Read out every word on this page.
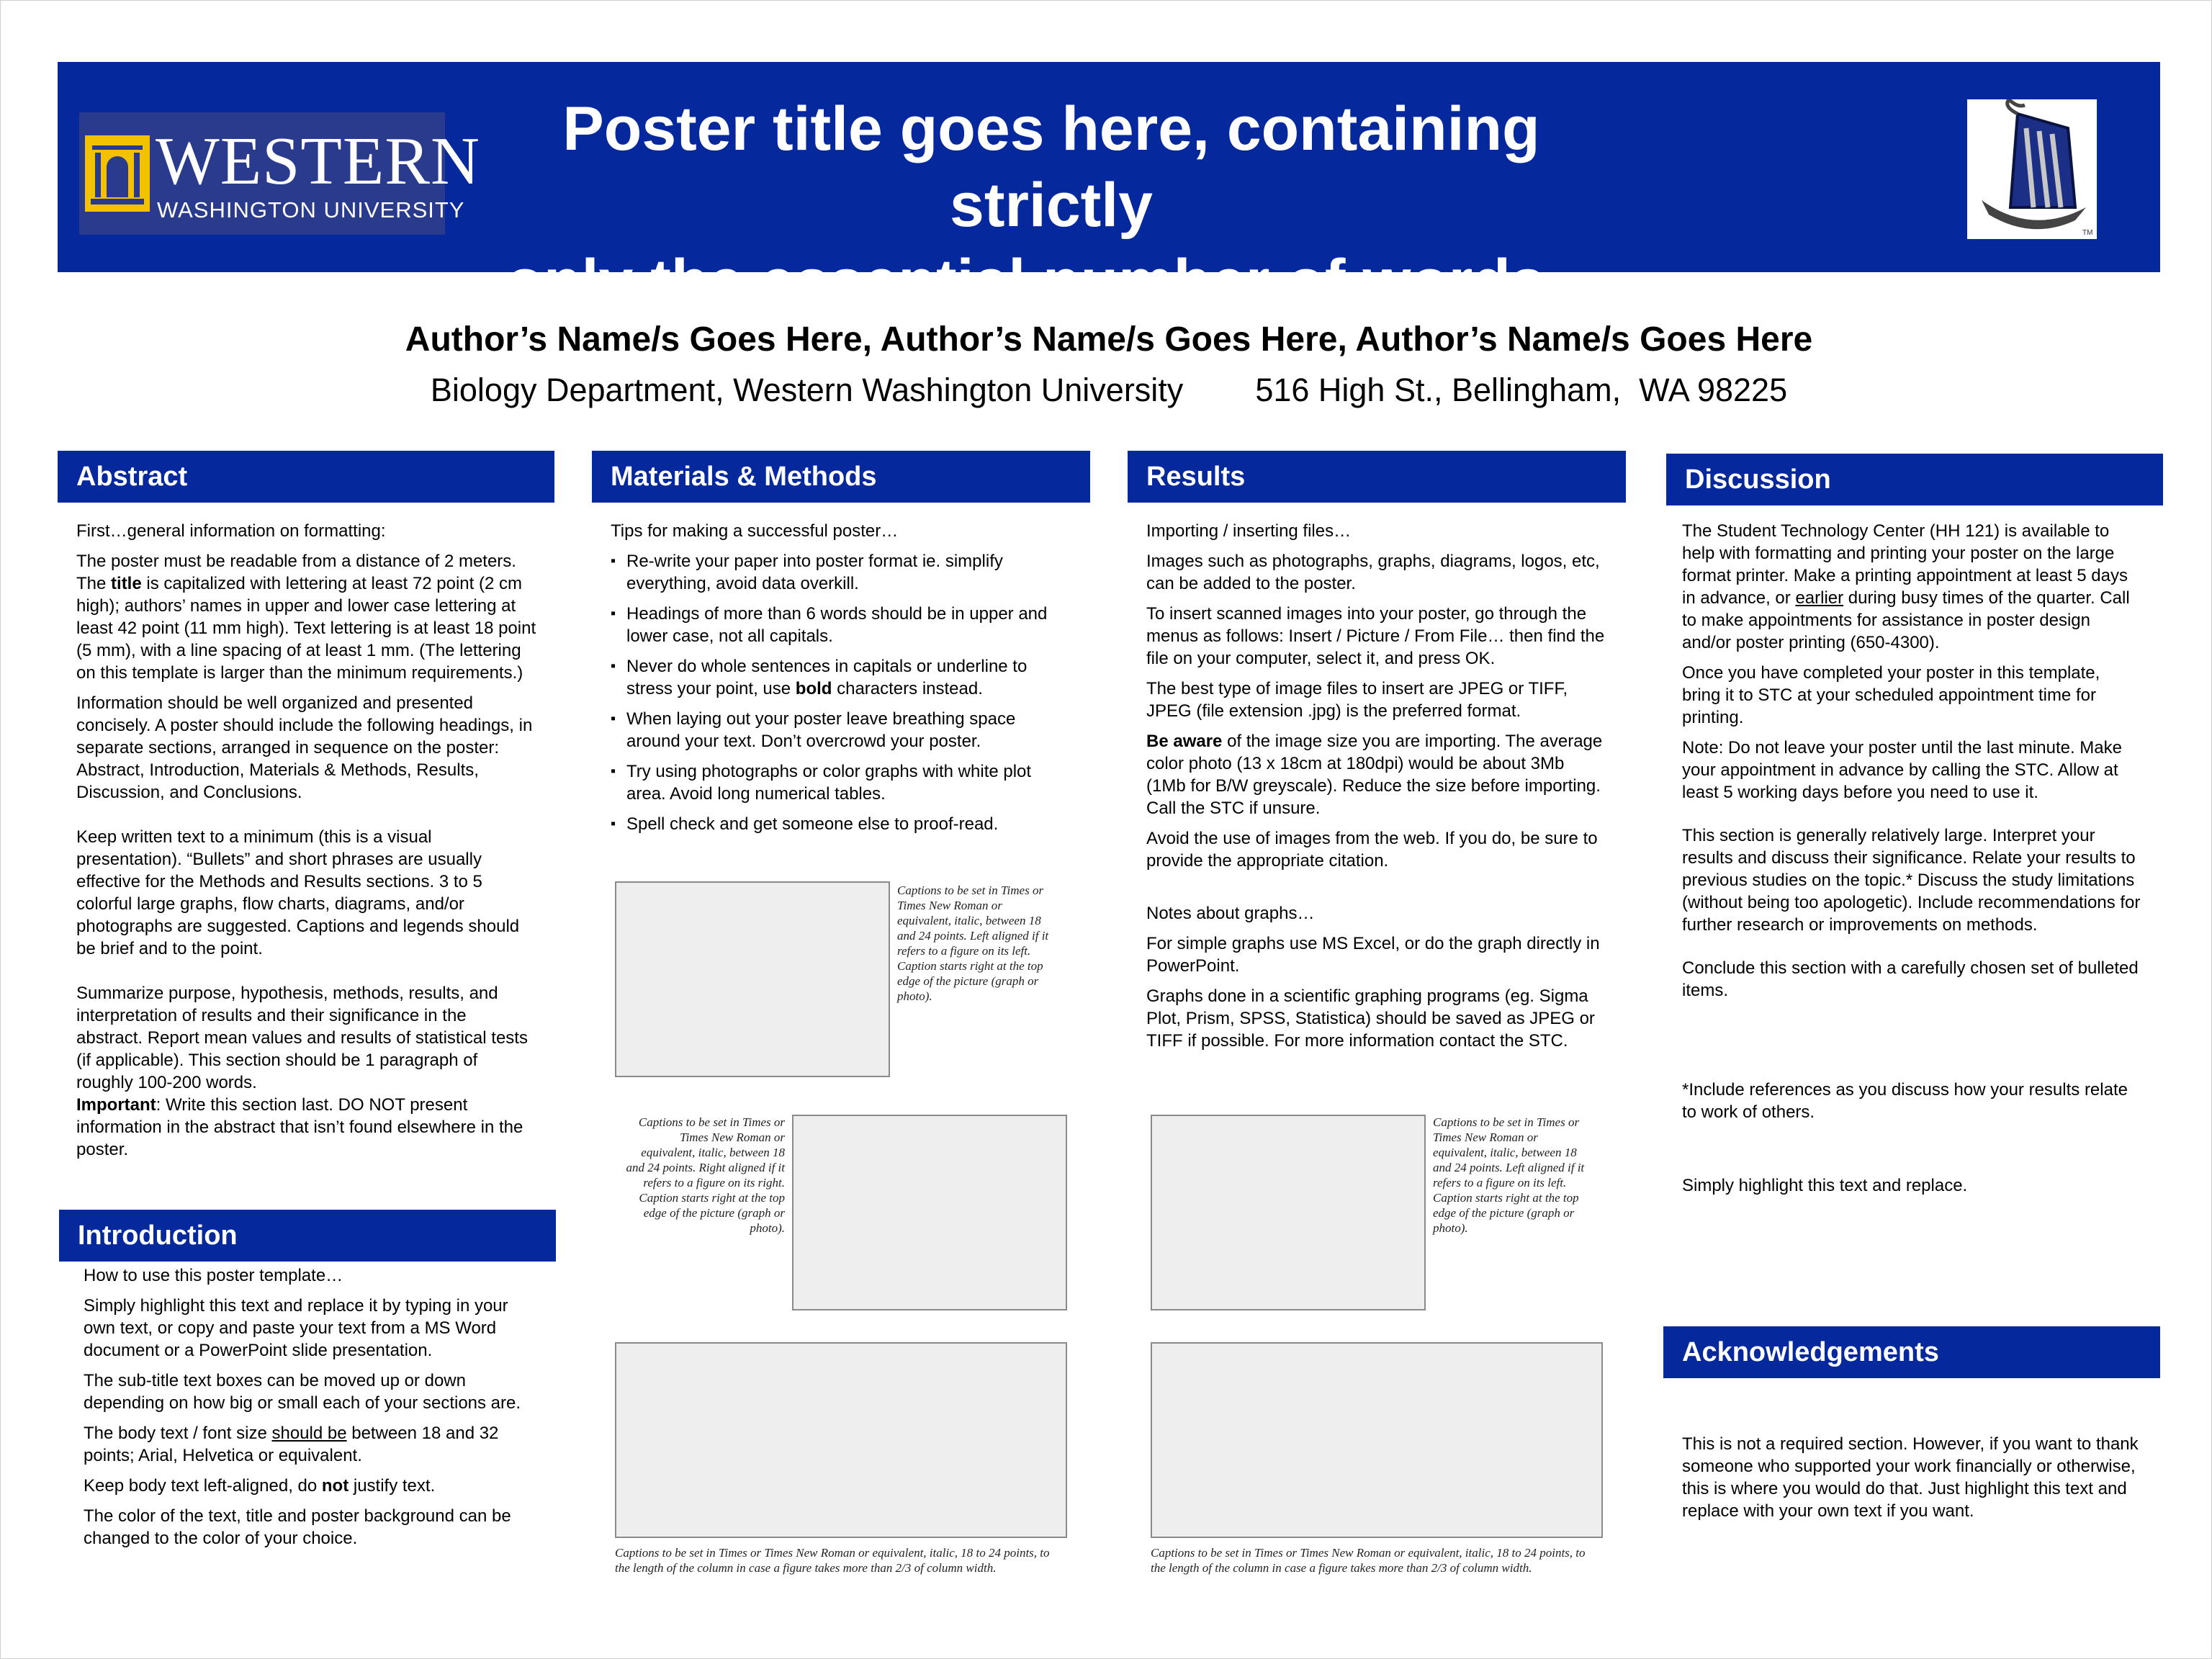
WESTERN
WASHINGTON UNIVERSITY
Poster title goes here, containing strictly
only the essential number of words...
TM
Author’s Name/s Goes Here, Author’s Name/s Goes Here, Author’s Name/s Goes Here
Biology Department, Western Washington University        516 High St., Bellingham,  WA 98225
Abstract	Materials & Methods	Results	Discussion
Introduction
Acknowledgements

First…general information on formatting:

The poster must be readable from a distance of 2 meters. The title is capitalized with lettering at least 72 point (2 cm high); authors’ names in upper and lower case lettering at least 42 point (11 mm high). Text lettering is at least 18 point (5 mm), with a line spacing of at least 1 mm. (The lettering on this template is larger than the minimum requirements.)

Information should be well organized and presented concisely. A poster should include the following headings, in separate sections, arranged in sequence on the poster:
Abstract, Introduction, Materials & Methods, Results, Discussion, and Conclusions.

Keep written text to a minimum (this is a visual presentation). “Bullets” and short phrases are usually effective for the Methods and Results sections. 3 to 5 colorful large graphs, flow charts, diagrams, and/or photographs are suggested. Captions and legends should be brief and to the point.

Summarize purpose, hypothesis, methods, results, and interpretation of results and their significance in the abstract. Report mean values and results of statistical tests (if applicable). This section should be 1 paragraph of roughly 100-200 words.
Important: Write this section last. DO NOT present information in the abstract that isn’t found elsewhere in the poster.

How to use this poster template…

Simply highlight this text and replace it by typing in your own text, or copy and paste your text from a MS Word document or a PowerPoint slide presentation.

The sub-title text boxes can be moved up or down depending on how big or small each of your sections are.

The body text / font size should be between 18 and 32 points; Arial, Helvetica or equivalent.

Keep body text left-aligned, do not justify text.

The color of the text, title and poster background can be changed to the color of your choice.

Tips for making a successful poster…

▪ Re-write your paper into poster format ie. simplify everything, avoid data overkill.
▪ Headings of more than 6 words should be in upper and lower case, not all capitals.
▪ Never do whole sentences in capitals or underline to stress your point, use bold characters instead.
▪ When laying out your poster leave breathing space around your text. Don’t overcrowd your poster.
▪ Try using photographs or color graphs with white plot area. Avoid long numerical tables.
▪ Spell check and get someone else to proof-read.
Captions to be set in Times or Times New Roman or equivalent, italic, between 18 and 24 points. Left aligned if it refers to a figure on its left. Caption starts right at the top edge of the picture (graph or photo).
Captions to be set in Times or Times New Roman or equivalent, italic, between 18 and 24 points. Right aligned if it refers to a figure on its right. Caption starts right at the top edge of the picture (graph or photo).
Captions to be set in Times or Times New Roman or equivalent, italic, 18 to 24 points, to the length of the column in case a figure takes more than 2/3 of column width.

Importing / inserting files…

Images such as photographs, graphs, diagrams, logos, etc, can be added to the poster.

To insert scanned images into your poster, go through the menus as follows: Insert / Picture / From File… then find the file on your computer, select it, and press OK.

The best type of image files to insert are JPEG or TIFF, JPEG (file extension .jpg) is the preferred format.

Be aware of the image size you are importing. The average color photo (13 x 18cm at 180dpi) would be about 3Mb (1Mb for B/W greyscale). Reduce the size before importing. Call the STC if unsure.

Avoid the use of images from the web. If you do, be sure to provide the appropriate citation.

Notes about graphs…

For simple graphs use MS Excel, or do the graph directly in PowerPoint.

Graphs done in a scientific graphing programs (eg. Sigma Plot, Prism, SPSS, Statistica) should be saved as JPEG or TIFF if possible. For more information contact the STC.

Captions to be set in Times or Times New Roman or equivalent, italic, between 18 and 24 points. Left aligned if it refers to a figure on its left. Caption starts right at the top edge of the picture (graph or photo).
Captions to be set in Times or Times New Roman or equivalent, italic, 18 to 24 points, to the length of the column in case a figure takes more than 2/3 of column width.

The Student Technology Center (HH 121) is available to help with formatting and printing your poster on the large format printer. Make a printing appointment at least 5 days in advance, or earlier during busy times of the quarter. Call to make appointments for assistance in poster design and/or poster printing (650-4300).

Once you have completed your poster in this template, bring it to STC at your scheduled appointment time for printing.

Note: Do not leave your poster until the last minute. Make your appointment in advance by calling the STC. Allow at least 5 working days before you need to use it.

This section is generally relatively large. Interpret your results and discuss their significance. Relate your results to previous studies on the topic.* Discuss the study limitations (without being too apologetic). Include recommendations for further research or improvements on methods.

Conclude this section with a carefully chosen set of bulleted items.

*Include references as you discuss how your results relate to work of others.

Simply highlight this text and replace.

This is not a required section. However, if you want to thank someone who supported your work financially or otherwise, this is where you would do that. Just highlight this text and replace with your own text if you want.
